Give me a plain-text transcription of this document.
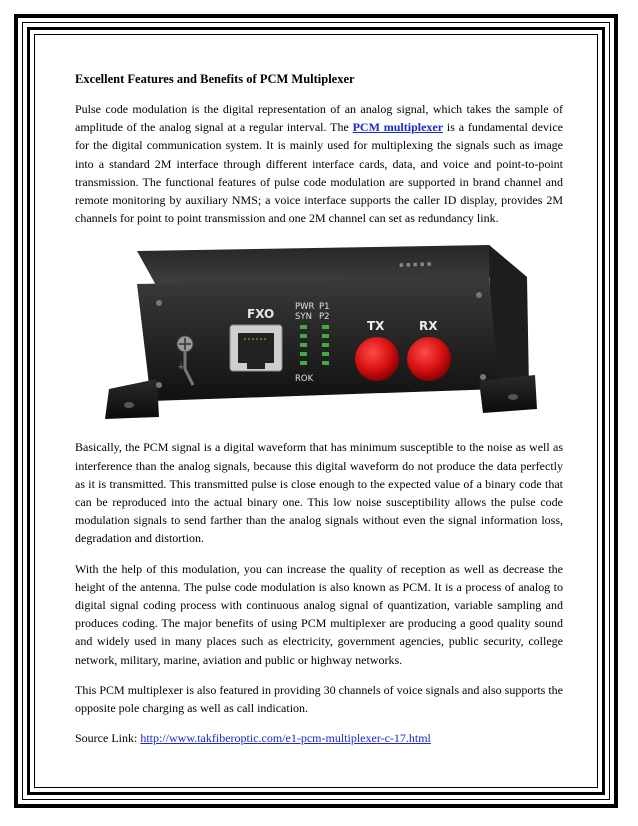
Excellent Features and Benefits of PCM Multiplexer

Pulse code modulation is the digital representation of an analog signal, which takes the sample of amplitude of the analog signal at a regular interval. The PCM multiplexer is a fundamental device for the digital communication system. It is mainly used for multiplexing the signals such as image into a standard 2M interface through different interface cards, data, and voice and point-to-point transmission. The functional features of pulse code modulation are supported in brand channel and remote monitoring by auxiliary NMS; a voice interface supports the caller ID display, provides 2M channels for point to point transmission and one 2M channel can set as redundancy link.

▪ ▪ ▪ ▪ ▪
⏚
FXO PWR P1
SYN P2
ROK
TX	RX

Basically, the PCM signal is a digital waveform that has minimum susceptible to the noise as well as interference than the analog signals, because this digital waveform do not produce the data perfectly as it is transmitted. This transmitted pulse is close enough to the expected value of a binary code that can be reproduced into the actual binary one. This low noise susceptibility allows the pulse code modulation signals to send farther than the analog signals without even the signal information loss, degradation and distortion.

With the help of this modulation, you can increase the quality of reception as well as decrease the height of the antenna. The pulse code modulation is also known as PCM. It is a process of analog to digital signal coding process with continuous analog signal of quantization, variable sampling and produces coding. The major benefits of using PCM multiplexer are producing a good quality sound and widely used in many places such as electricity, government agencies, public security, college network, military, marine, aviation and public or highway networks.

This PCM multiplexer is also featured in providing 30 channels of voice signals and also supports the opposite pole charging as well as call indication.

Source Link: http://www.takfiberoptic.com/e1-pcm-multiplexer-c-17.html
